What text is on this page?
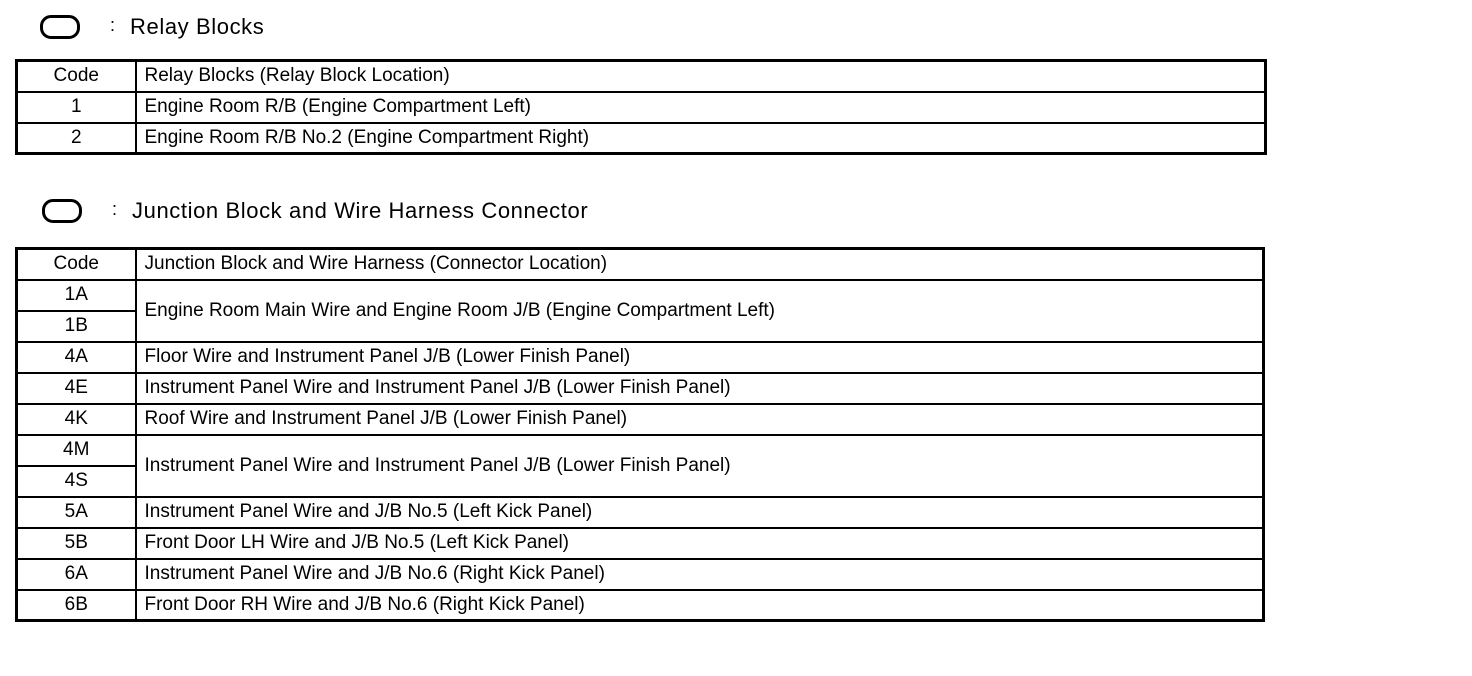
: Relay Blocks
Code	Relay Blocks (Relay Block Location)
1	Engine Room R/B (Engine Compartment Left)
2	Engine Room R/B No.2 (Engine Compartment Right)
: Junction Block and Wire Harness Connector
Code	Junction Block and Wire Harness (Connector Location)
1A	Engine Room Main Wire and Engine Room J/B (Engine Compartment Left)
1B	
4A	Floor Wire and Instrument Panel J/B (Lower Finish Panel)
4E	Instrument Panel Wire and Instrument Panel J/B (Lower Finish Panel)
4K	Roof Wire and Instrument Panel J/B (Lower Finish Panel)
4M	Instrument Panel Wire and Instrument Panel J/B (Lower Finish Panel)
4S	
5A	Instrument Panel Wire and J/B No.5 (Left Kick Panel)
5B	Front Door LH Wire and J/B No.5 (Left Kick Panel)
6A	Instrument Panel Wire and J/B No.6 (Right Kick Panel)
6B	Front Door RH Wire and J/B No.6 (Right Kick Panel)
